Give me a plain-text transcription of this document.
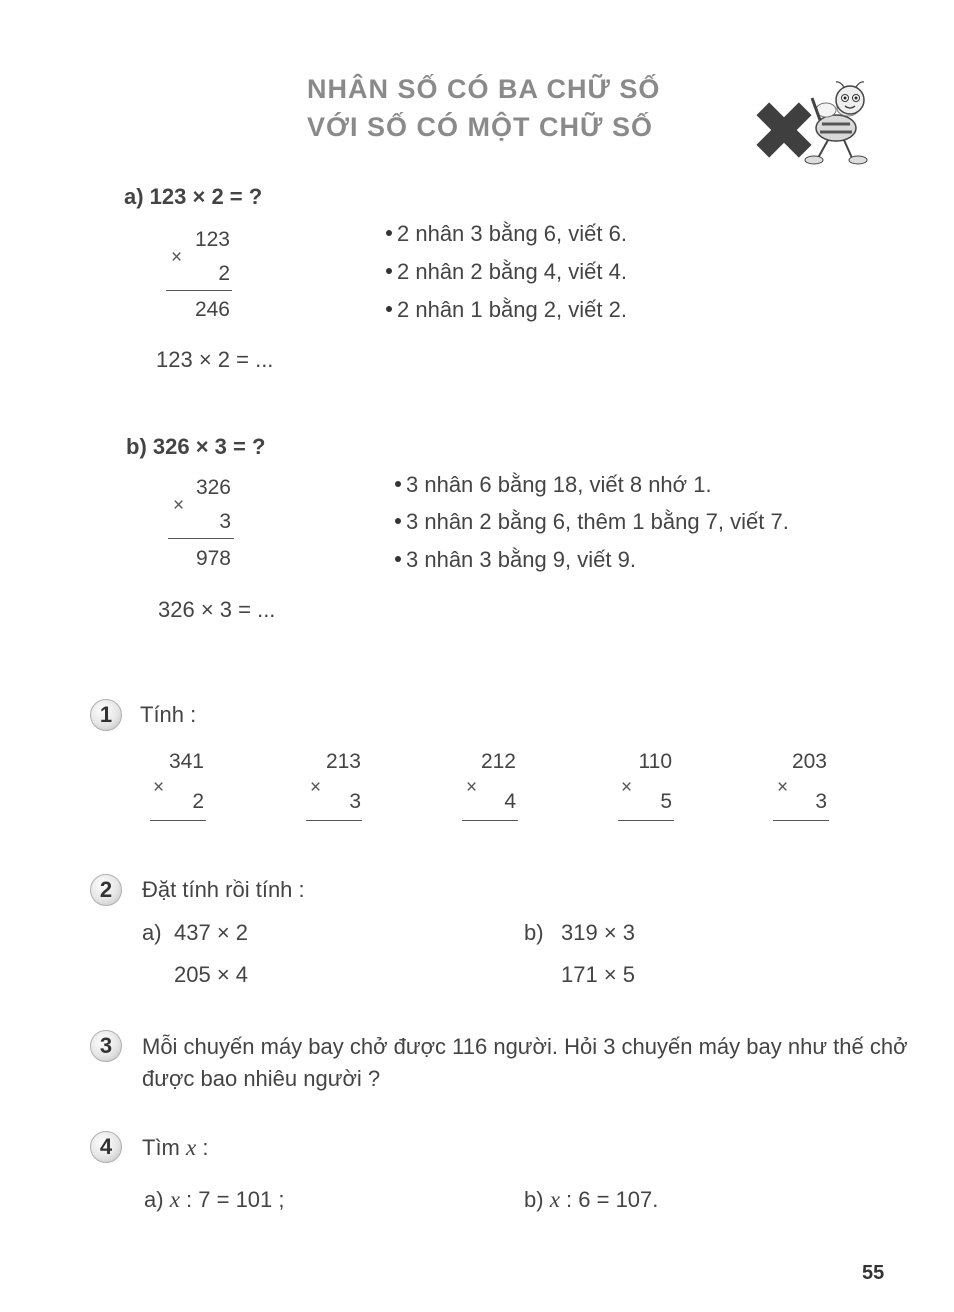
NHÂN SỐ CÓ BA CHỮ SỐ
VỚI SỐ CÓ MỘT CHỮ SỐ
a) 123 × 2 = ?
123
×
2
246
2 nhân 3 bằng 6, viết 6.
2 nhân 2 bằng 4, viết 4.
2 nhân 1 bằng 2, viết 2.
123 × 2 = ...
b) 326 × 3 = ?
326
×
3
978
3 nhân 6 bằng 18, viết 8 nhớ 1.
3 nhân 2 bằng 6, thêm 1 bằng 7, viết 7.
3 nhân 3 bằng 9, viết 9.
326 × 3 = ...
1	Tính :
341
×
2
213
×
3
212
×
4
110
×
5
203
×
3
2	Đặt tính rồi tính :
a) 437 × 2
205 × 4
b) 319 × 3
171 × 5
3	Mỗi chuyến máy bay chở được 116 người. Hỏi 3 chuyến máy bay như thế chở
được bao nhiêu người ?
4	Tìm x :
a) x : 7 = 101 ;	b) x : 6 = 107.
55
